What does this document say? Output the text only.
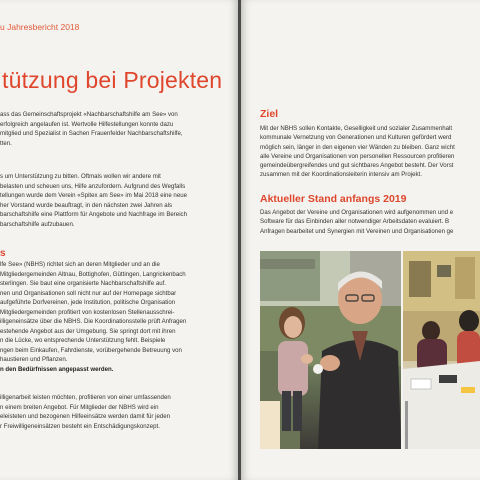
u Jahresbericht 2018
tützung bei Projekten
ass das Gemeinschaftsprojekt «Nachbarschaftshilfe am See» von
erfolgreich angelaufen ist. Wertvolle Hilfestellungen konnte dazu
mitglied und Spezialist in Sachen Frauenfelder Nachbarschaftshilfe,
tten.
s um Unterstützung zu bitten. Oftmals wollen wir andere mit
belasten und scheuen uns, Hilfe anzufordern. Aufgrund des Wegfalls
tellungen wurde dem Verein «Spitex am See» im Mai 2018 eine neue
her Vorstand wurde beauftragt, in den nächsten zwei Jahren als
barschaftshilfe eine Plattform für Angebote und Nachfrage im Bereich
barschaftshilfe aufzubauen.
s
lfe See» (NBHS) richtet sich an deren Mitglieder und an die
Mitgliedergemeinden Altnau, Bottighofen, Güttingen, Langrickenbach
sterlingen. Sie baut eine organisierte Nachbarschaftshilfe auf.
nen und Organisationen soll nicht nur auf der Homepage sichtbar
aufgeführte Dorfvereinen, jede Institution, politische Organisation
Mitgliedergemeinden profitiert von kostenlosen Stellenausschrei-
illigeneinsätze über die NBHS. Die Koordinationsstelle prüft Anfragen
estehende Angebot aus der Umgebung. Sie springt dort mit ihren
n die Lücke, wo entsprechende Unterstützung fehlt. Beispiele
ngen beim Einkaufen, Fahrdienste, vorübergehende Betreuung von
haustieren und Pflanzen.
n den Bedürfnissen angepasst werden.
illigenarbeit leisten möchten, profitieren von einer umfassenden
n einem breiten Angebot. Für Mitglieder der NBHS wird ein
eleisteten und bezogenen Hilfeeinsätze werden damit für jeden
r Freiwilligeneinsätzen besteht ein Entschädigungskonzept.
Ziel
Mit der NBHS sollen Kontakte, Geselligkeit und sozialer Zusammenhalt
kommunale Vernetzung von Generationen und Kulturen gefördert werd
möglich sein, länger in den eigenen vier Wänden zu bleiben. Ganz wicht
alle Vereine und Organisationen von personellen Ressourcen profitieren
gemeindeübergreifendes und gut sichtbares Angebot besteht. Der Vorst
zusammen mit der Koordinationsleiterin intensiv am Projekt.
Aktueller Stand anfangs 2019
Das Angebot der Vereine und Organisationen wird aufgenommen und e
Software für das Einbinden aller notwendiger Arbeitsdaten evaluiert. B
Anfragen bearbeitet und Synergien mit Vereinen und Organisationen ge
